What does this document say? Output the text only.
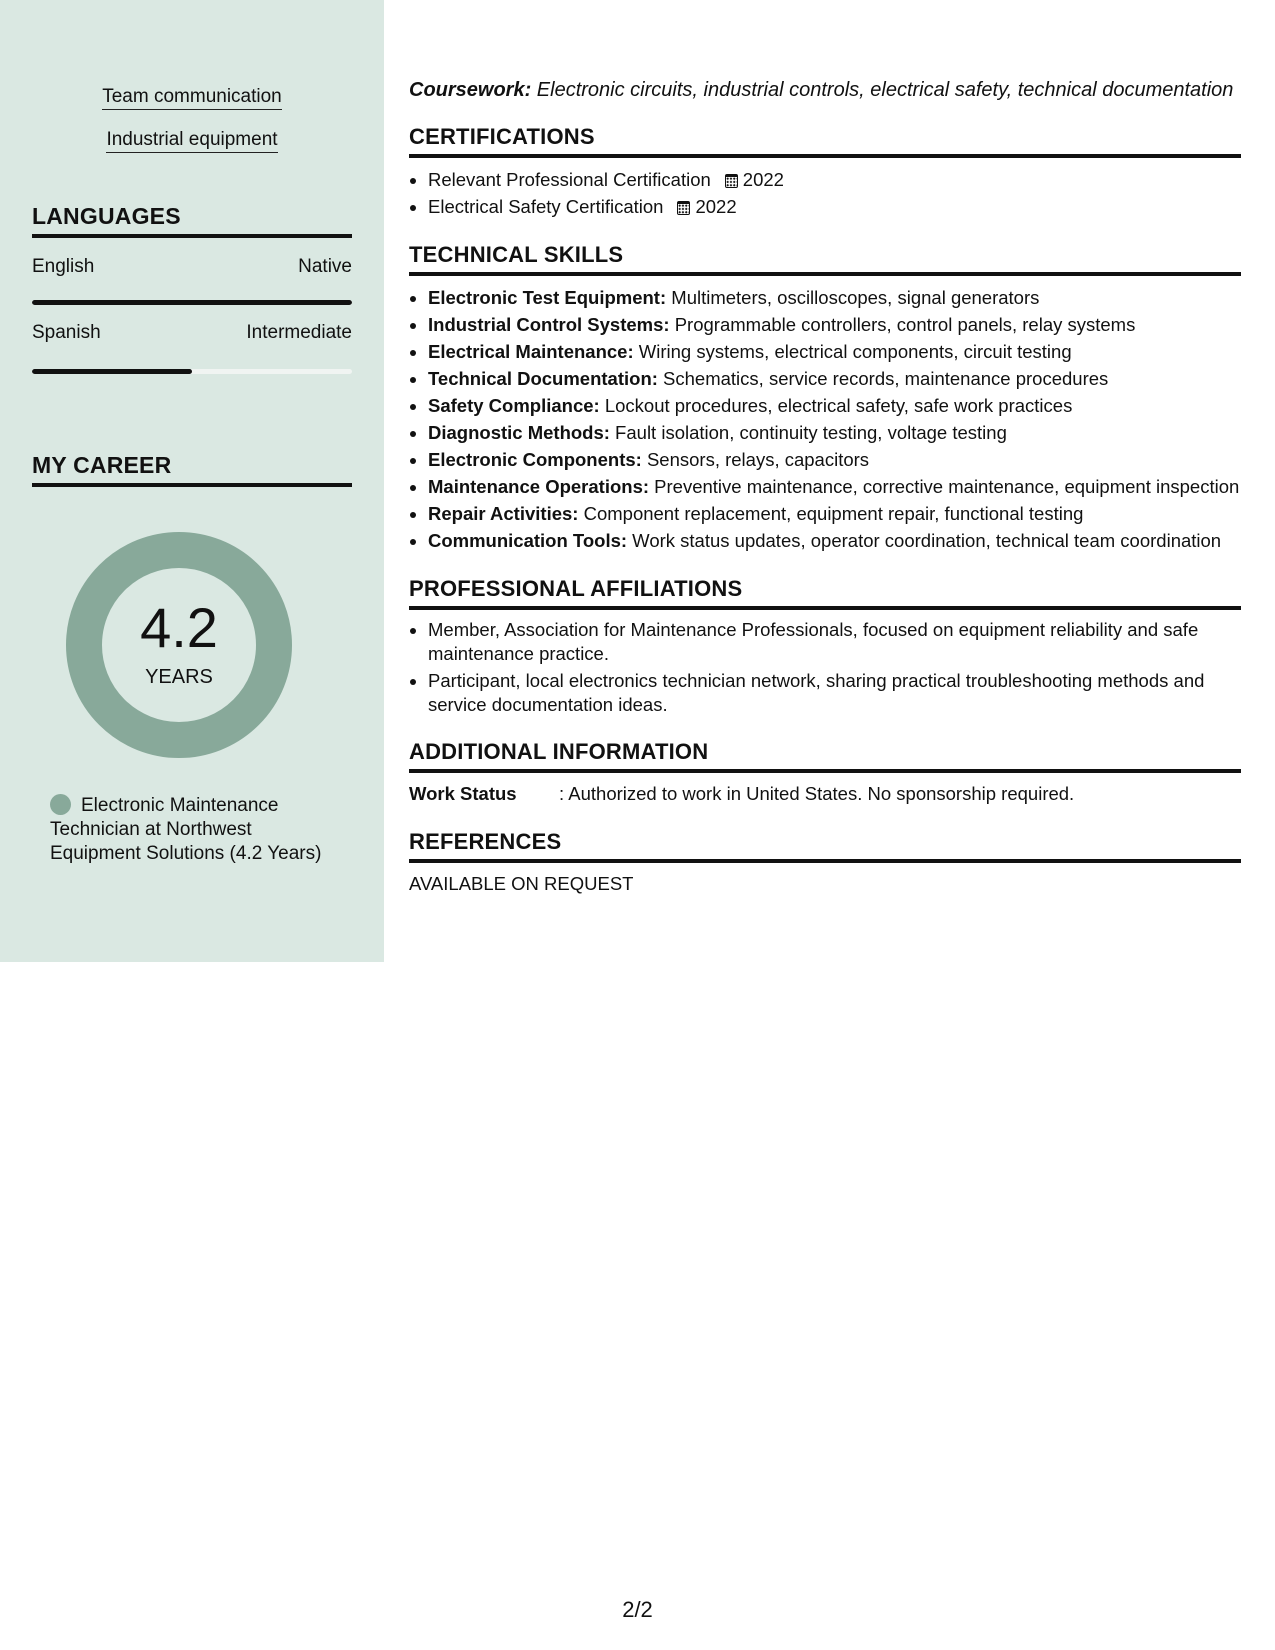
Team communication
Industrial equipment
LANGUAGES
English	Native
Spanish	Intermediate
MY CAREER
4.2
YEARS
Electronic Maintenance Technician at Northwest Equipment Solutions (4.2 Years)

Coursework: Electronic circuits, industrial controls, electrical safety, technical documentation

CERTIFICATIONS
• Relevant Professional Certification 2022
• Electrical Safety Certification 2022
TECHNICAL SKILLS
• Electronic Test Equipment: Multimeters, oscilloscopes, signal generators
• Industrial Control Systems: Programmable controllers, control panels, relay systems
• Electrical Maintenance: Wiring systems, electrical components, circuit testing
• Technical Documentation: Schematics, service records, maintenance procedures
• Safety Compliance: Lockout procedures, electrical safety, safe work practices
• Diagnostic Methods: Fault isolation, continuity testing, voltage testing
• Electronic Components: Sensors, relays, capacitors
• Maintenance Operations: Preventive maintenance, corrective maintenance, equipment inspection
• Repair Activities: Component replacement, equipment repair, functional testing
• Communication Tools: Work status updates, operator coordination, technical team coordination
PROFESSIONAL AFFILIATIONS
• Member, Association for Maintenance Professionals, focused on equipment reliability and safe maintenance practice.
• Participant, local electronics technician network, sharing practical troubleshooting methods and service documentation ideas.
ADDITIONAL INFORMATION
Work Status	: Authorized to work in United States. No sponsorship required.
REFERENCES
AVAILABLE ON REQUEST
2/2
